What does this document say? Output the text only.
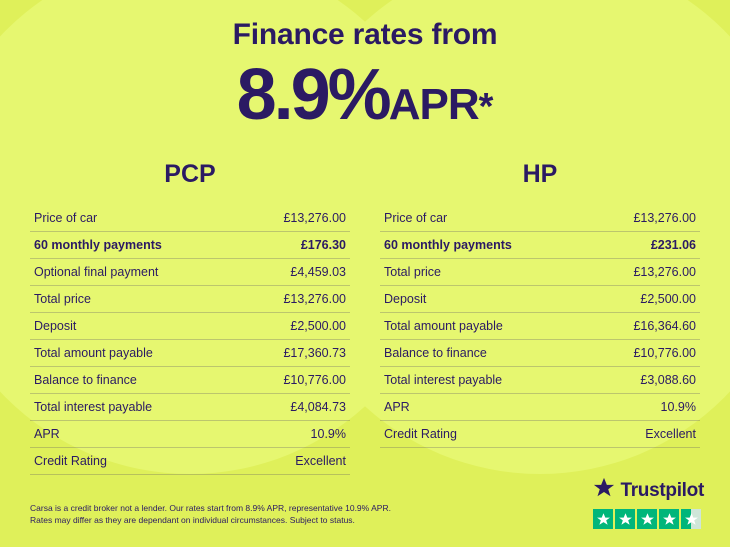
Finance rates from
8.9%APR*
PCP
Price of car	£13,276.00
60 monthly payments	£176.30
Optional final payment	£4,459.03
Total price	£13,276.00
Deposit	£2,500.00
Total amount payable	£17,360.73
Balance to finance	£10,776.00
Total interest payable	£4,084.73
APR	10.9%
Credit Rating	Excellent
HP
Price of car	£13,276.00
60 monthly payments	£231.06
Total price	£13,276.00
Deposit	£2,500.00
Total amount payable	£16,364.60
Balance to finance	£10,776.00
Total interest payable	£3,088.60
APR	10.9%
Credit Rating	Excellent
Carsa is a credit broker not a lender. Our rates start from 8.9% APR, representative 10.9% APR.
Rates may differ as they are dependant on individual circumstances. Subject to status.
Trustpilot
